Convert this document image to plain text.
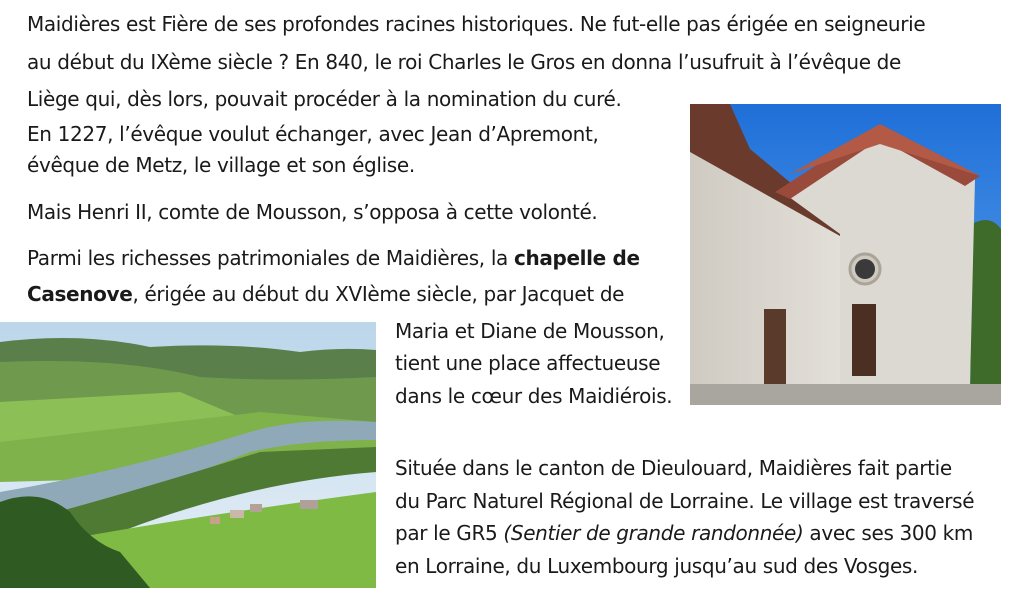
Maidières est Fière de ses profondes racines historiques. Ne fut-elle pas érigée en seigneurie
au début du IXème siècle ? En 840, le roi Charles le Gros en donna l’usufruit à l’évêque de
Liège qui, dès lors, pouvait procéder à la nomination du curé.
En 1227, l’évêque voulut échanger, avec Jean d’Apremont,
évêque de Metz, le village et son église.
Mais Henri II, comte de Mousson, s’opposa à cette volonté.
Parmi les richesses patrimoniales de Maidières, la chapelle de
Casenove, érigée au début du XVIème siècle, par Jacquet de
Maria et Diane de Mousson,
tient une place affectueuse
dans le cœur des Maidiérois.
Située dans le canton de Dieulouard, Maidières fait partie
du Parc Naturel Régional de Lorraine. Le village est traversé
par le GR5 (Sentier de grande randonnée) avec ses 300 km
en Lorraine, du Luxembourg jusqu’au sud des Vosges.
